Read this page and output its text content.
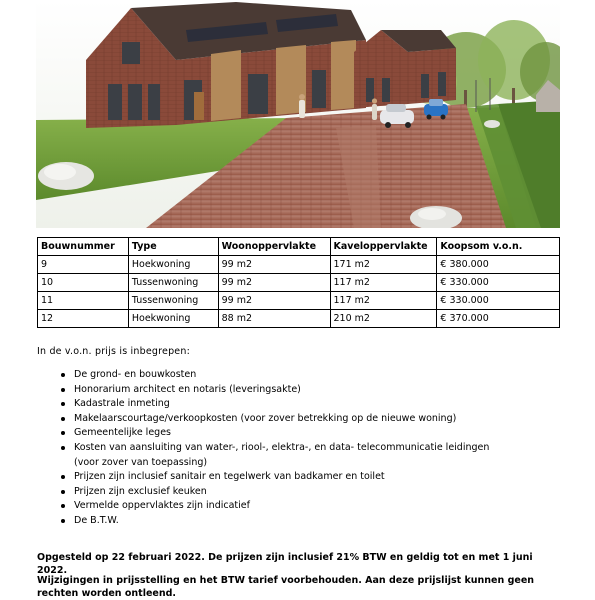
Bouwnummer	Type	Woonoppervlakte	Kaveloppervlakte	Koopsom v.o.n.
9	Hoekwoning	99 m2	171 m2	€ 380.000
10	Tussenwoning	99 m2	117 m2	€ 330.000
11	Tussenwoning	99 m2	117 m2	€ 330.000
12	Hoekwoning	88 m2	210 m2	€ 370.000
In de v.o.n. prijs is inbegrepen:
De grond- en bouwkosten
Honorarium architect en notaris (leveringsakte)
Kadastrale inmeting
Makelaarscourtage/verkoopkosten (voor zover betrekking op de nieuwe woning)
Gemeentelijke leges
Kosten van aansluiting van water-, riool-, elektra-, en data- telecommunicatie leidingen
(voor zover van toepassing)
Prijzen zijn inclusief sanitair en tegelwerk van badkamer en toilet
Prijzen zijn exclusief keuken
Vermelde oppervlaktes zijn indicatief
De B.T.W.
Opgesteld op 22 februari 2022. De prijzen zijn inclusief 21% BTW en geldig tot en met 1 juni 2022.
Wijzigingen in prijsstelling en het BTW tarief voorbehouden. Aan deze prijslijst kunnen geen rechten worden ontleend.
